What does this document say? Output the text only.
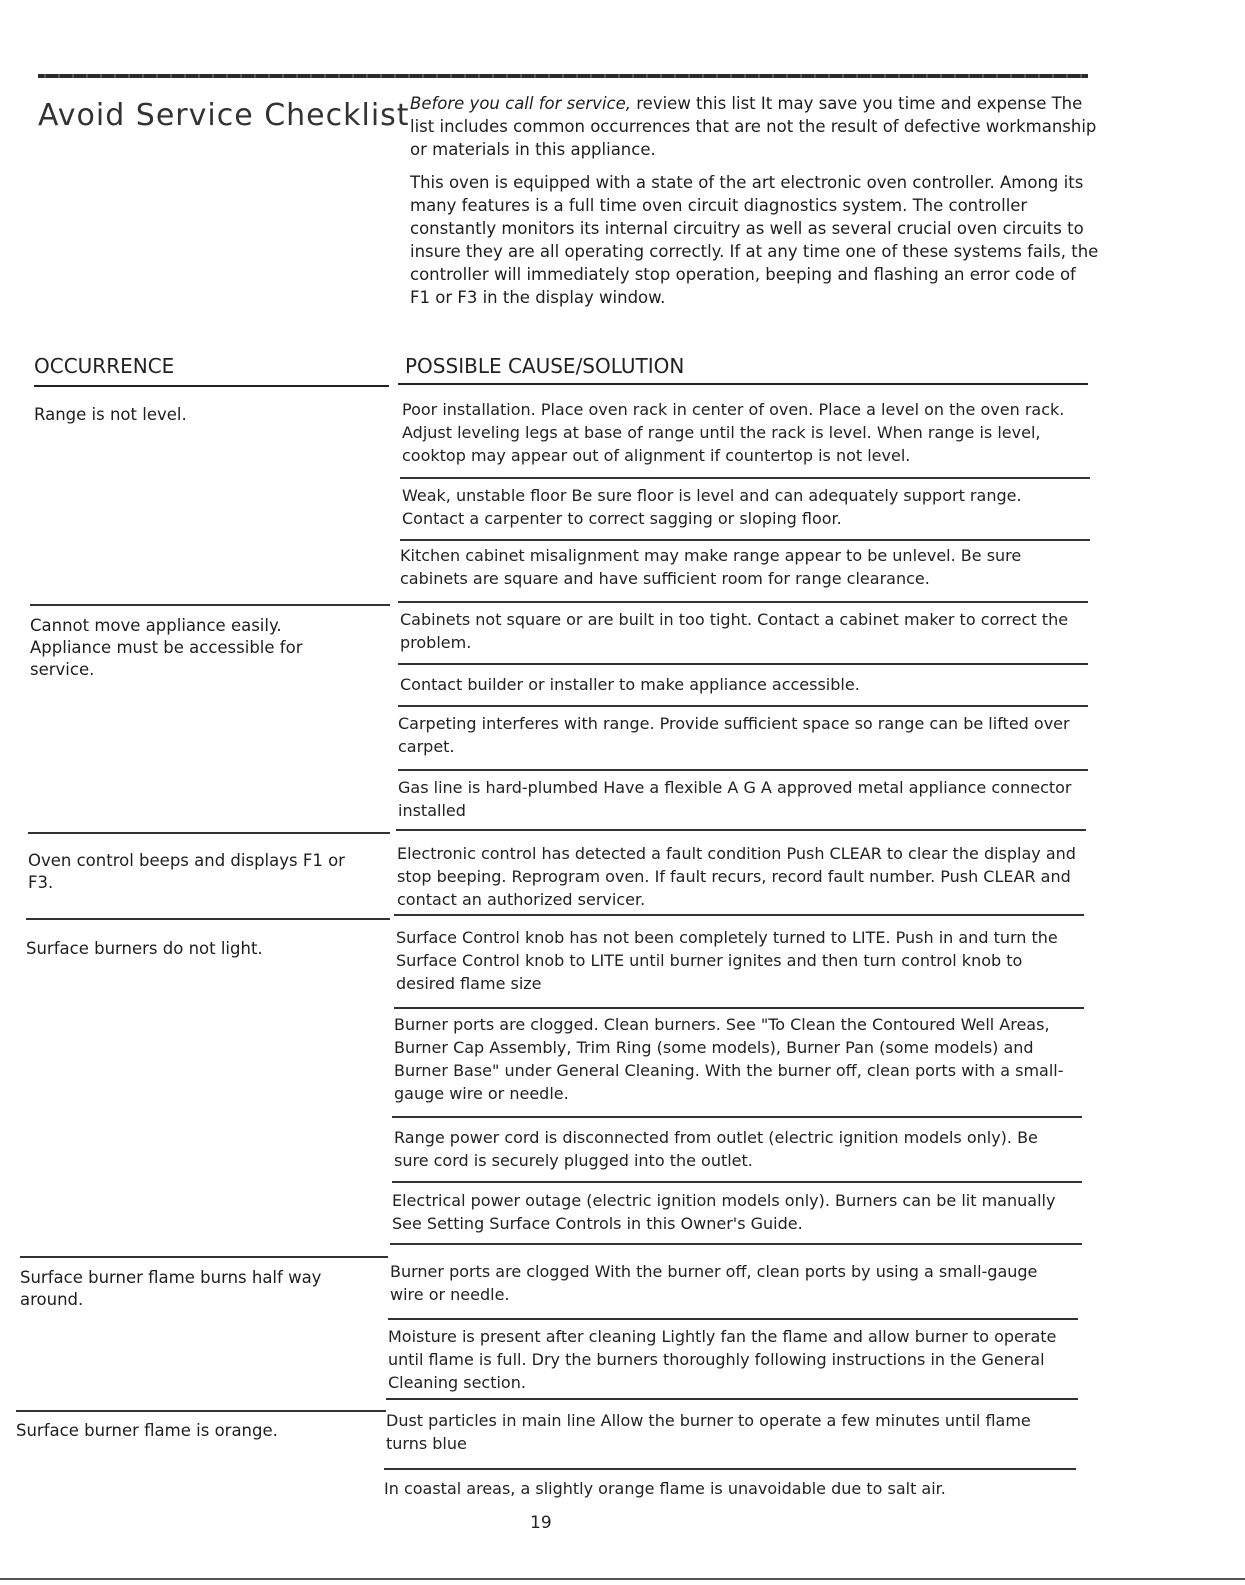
Avoid Service Checklist Before you call for service, review this list It may save you time and expense The list includes common occurrences that are not the result of defective workmanship or materials in this appliance.

This oven is equipped with a state of the art electronic oven controller. Among its many features is a full time oven circuit diagnostics system. The controller constantly monitors its internal circuitry as well as several crucial oven circuits to insure they are all operating correctly. If at any time one of these systems fails, the controller will immediately stop operation, beeping and flashing an error code of F1 or F3 in the display window.

OCCURRENCE	POSSIBLE CAUSE/SOLUTION
Range is not level.	Poor installation. Place oven rack in center of oven. Place a level on the oven rack. Adjust leveling legs at base of range until the rack is level. When range is level, cooktop may appear out of alignment if countertop is not level.
Weak, unstable floor Be sure floor is level and can adequately support range. Contact a carpenter to correct sagging or sloping floor.
Kitchen cabinet misalignment may make range appear to be unlevel. Be sure cabinets are square and have sufficient room for range clearance.
Cannot move appliance easily. Appliance must be accessible for service.
Cabinets not square or are built in too tight. Contact a cabinet maker to correct the problem.
Contact builder or installer to make appliance accessible.
Carpeting interferes with range. Provide sufficient space so range can be lifted over carpet.
Gas line is hard-plumbed Have a flexible A G A approved metal appliance connector installed
Oven control beeps and displays F1 or F3.
Electronic control has detected a fault condition Push CLEAR to clear the display and stop beeping. Reprogram oven. If fault recurs, record fault number. Push CLEAR and contact an authorized servicer.
Surface burners do not light.
Surface Control knob has not been completely turned to LITE. Push in and turn the Surface Control knob to LITE until burner ignites and then turn control knob to desired flame size
Burner ports are clogged. Clean burners. See "To Clean the Contoured Well Areas, Burner Cap Assembly, Trim Ring (some models), Burner Pan (some models) and Burner Base" under General Cleaning. With the burner off, clean ports with a small-gauge wire or needle.
Range power cord is disconnected from outlet (electric ignition models only). Be sure cord is securely plugged into the outlet.
Electrical power outage (electric ignition models only). Burners can be lit manually See Setting Surface Controls in this Owner's Guide.
Surface burner flame burns half way around.
Burner ports are clogged With the burner off, clean ports by using a small-gauge wire or needle.
Moisture is present after cleaning Lightly fan the flame and allow burner to operate until flame is full. Dry the burners thoroughly following instructions in the General Cleaning section.
Surface burner flame is orange.
Dust particles in main line Allow the burner to operate a few minutes until flame turns blue
In coastal areas, a slightly orange flame is unavoidable due to salt air.
19
